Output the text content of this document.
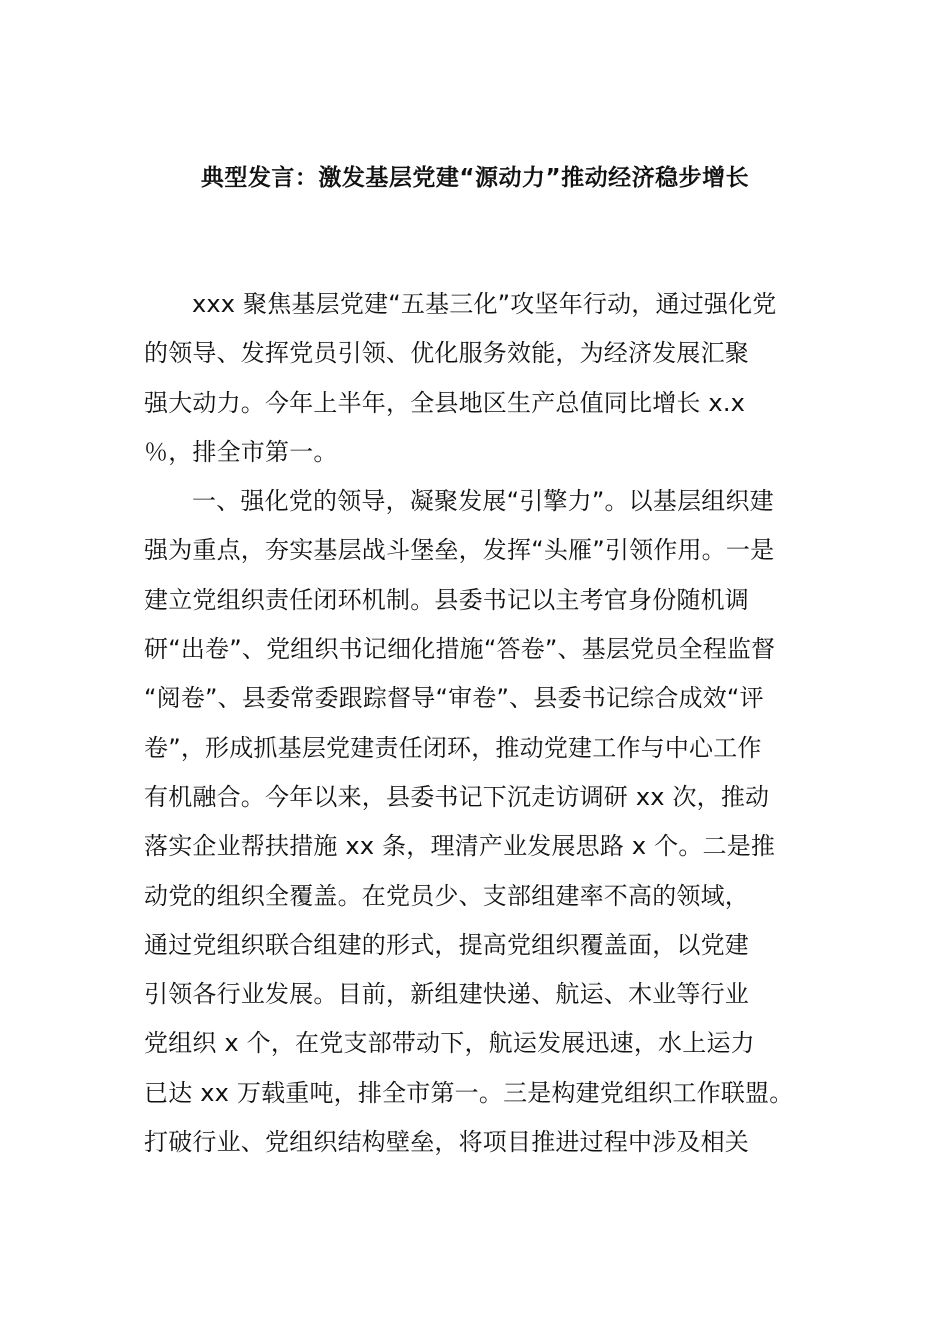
典型发言：激发基层党建“源动力”推动经济稳步增长
xxx 聚焦基层党建“五基三化”攻坚年行动，通过强化党
的领导、发挥党员引领、优化服务效能，为经济发展汇聚
强大动力。今年上半年，全县地区生产总值同比增长 x.x
％，排全市第一。
一、强化党的领导，凝聚发展“引擎力”。以基层组织建
强为重点，夯实基层战斗堡垒，发挥“头雁”引领作用。一是
建立党组织责任闭环机制。县委书记以主考官身份随机调
研“出卷”、党组织书记细化措施“答卷”、基层党员全程监督
“阅卷”、县委常委跟踪督导“审卷”、县委书记综合成效“评
卷”，形成抓基层党建责任闭环，推动党建工作与中心工作
有机融合。今年以来，县委书记下沉走访调研 xx 次，推动
落实企业帮扶措施 xx 条，理清产业发展思路 x 个。二是推
动党的组织全覆盖。在党员少、支部组建率不高的领域，
通过党组织联合组建的形式，提高党组织覆盖面，以党建
引领各行业发展。目前，新组建快递、航运、木业等行业
党组织 x 个，在党支部带动下，航运发展迅速，水上运力
已达 xx 万载重吨，排全市第一。三是构建党组织工作联盟。
打破行业、党组织结构壁垒，将项目推进过程中涉及相关
